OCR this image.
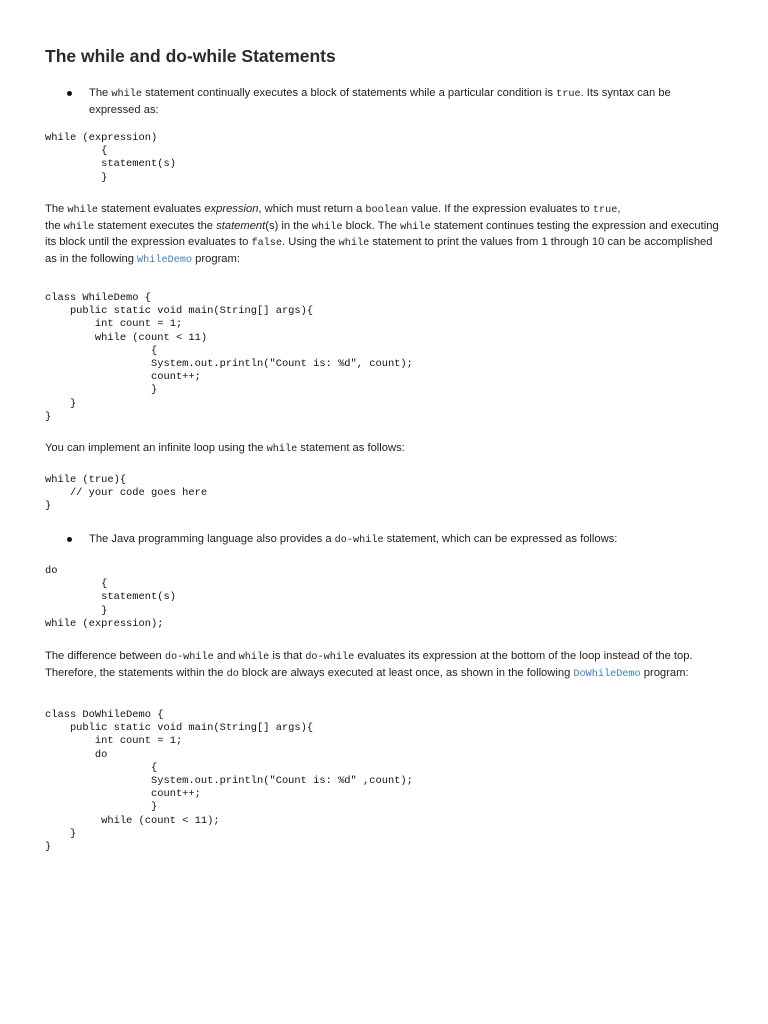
The while and do-while Statements

The while statement continually executes a block of statements while a particular condition is true. Its syntax can be expressed as:

while (expression)
{
statement(s)
}

The while statement evaluates expression, which must return a boolean value. If the expression evaluates to true,
the while statement executes the statement(s) in the while block. The while statement continues testing the expression and executing its block until the expression evaluates to false. Using the while statement to print the values from 1 through 10 can be accomplished as in the following WhileDemo program:

class WhileDemo {
public static void main(String[] args){
int count = 1;
while (count < 11)
{
System.out.println("Count is: %d", count);
count++;
}
}
}

You can implement an infinite loop using the while statement as follows:

while (true){
// your code goes here
}

The Java programming language also provides a do-while statement, which can be expressed as follows:

do
{
statement(s)
}
while (expression);

The difference between do-while and while is that do-while evaluates its expression at the bottom of the loop instead of the top. Therefore, the statements within the do block are always executed at least once, as shown in the following DoWhileDemo program:

class DoWhileDemo {
public static void main(String[] args){
int count = 1;
do
{
System.out.println("Count is: %d" ,count);
count++;
}
while (count < 11);
}
}
